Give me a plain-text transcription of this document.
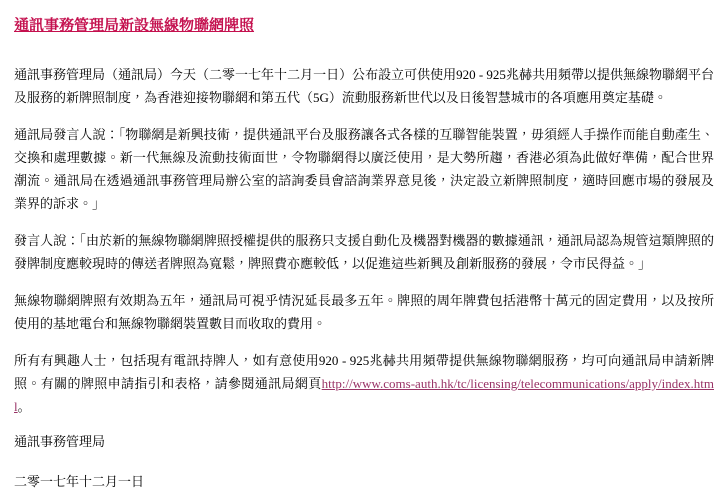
通訊事務管理局新設無線物聯網牌照

通訊事務管理局（通訊局）今天（二零一七年十二月一日）公布設立可供使用920 - 925兆赫共用頻帶以提供無線物聯網平台及服務的新牌照制度，為香港迎接物聯網和第五代（5G）流動服務新世代以及日後智慧城市的各項應用奠定基礎。

通訊局發言人說：「物聯網是新興技術，提供通訊平台及服務讓各式各樣的互聯智能裝置，毋須經人手操作而能自動產生、交換和處理數據。新一代無線及流動技術面世，令物聯網得以廣泛使用，是大勢所趨，香港必須為此做好準備，配合世界潮流。通訊局在透過通訊事務管理局辦公室的諮詢委員會諮詢業界意見後，決定設立新牌照制度，適時回應市場的發展及業界的訴求。」

發言人說：「由於新的無線物聯網牌照授權提供的服務只支援自動化及機器對機器的數據通訊，通訊局認為規管這類牌照的發牌制度應較現時的傳送者牌照為寬鬆，牌照費亦應較低，以促進這些新興及創新服務的發展，令市民得益。」

無線物聯網牌照有效期為五年，通訊局可視乎情況延長最多五年。牌照的周年牌費包括港幣十萬元的固定費用，以及按所使用的基地電台和無線物聯網裝置數目而收取的費用。

所有有興趣人士，包括現有電訊持牌人，如有意使用920 - 925兆赫共用頻帶提供無線物聯網服務，均可向通訊局申請新牌照。有關的牌照申請指引和表格，請參閱通訊局網頁http://www.coms-auth.hk/tc/licensing/telecommunications/apply/index.html。

通訊事務管理局

二零一七年十二月一日
